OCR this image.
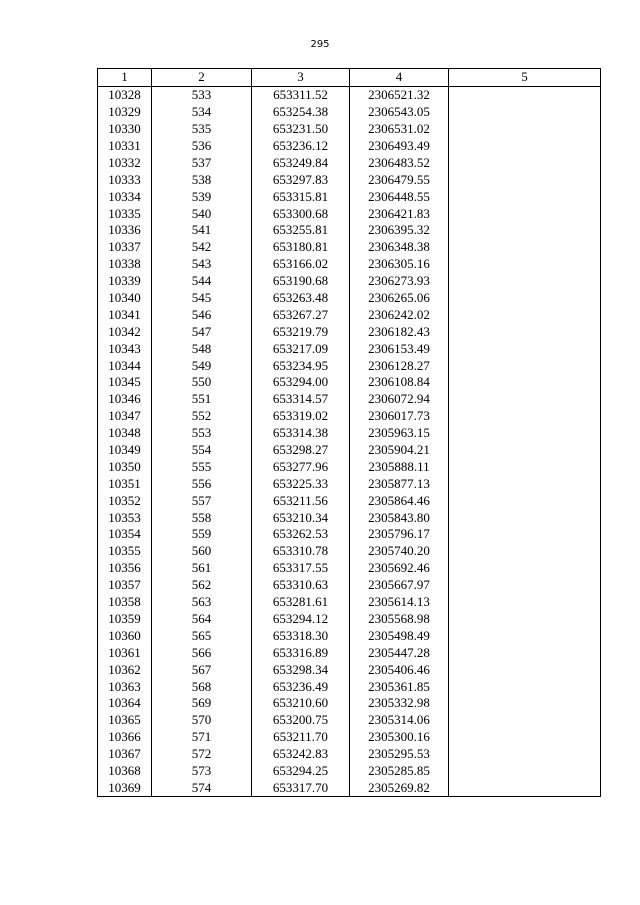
295
1	2	3	4	5
10328	533	653311.52	2306521.32	
10329	534	653254.38	2306543.05	
10330	535	653231.50	2306531.02	
10331	536	653236.12	2306493.49	
10332	537	653249.84	2306483.52	
10333	538	653297.83	2306479.55	
10334	539	653315.81	2306448.55	
10335	540	653300.68	2306421.83	
10336	541	653255.81	2306395.32	
10337	542	653180.81	2306348.38	
10338	543	653166.02	2306305.16	
10339	544	653190.68	2306273.93	
10340	545	653263.48	2306265.06	
10341	546	653267.27	2306242.02	
10342	547	653219.79	2306182.43	
10343	548	653217.09	2306153.49	
10344	549	653234.95	2306128.27	
10345	550	653294.00	2306108.84	
10346	551	653314.57	2306072.94	
10347	552	653319.02	2306017.73	
10348	553	653314.38	2305963.15	
10349	554	653298.27	2305904.21	
10350	555	653277.96	2305888.11	
10351	556	653225.33	2305877.13	
10352	557	653211.56	2305864.46	
10353	558	653210.34	2305843.80	
10354	559	653262.53	2305796.17	
10355	560	653310.78	2305740.20	
10356	561	653317.55	2305692.46	
10357	562	653310.63	2305667.97	
10358	563	653281.61	2305614.13	
10359	564	653294.12	2305568.98	
10360	565	653318.30	2305498.49	
10361	566	653316.89	2305447.28	
10362	567	653298.34	2305406.46	
10363	568	653236.49	2305361.85	
10364	569	653210.60	2305332.98	
10365	570	653200.75	2305314.06	
10366	571	653211.70	2305300.16	
10367	572	653242.83	2305295.53	
10368	573	653294.25	2305285.85	
10369	574	653317.70	2305269.82	
